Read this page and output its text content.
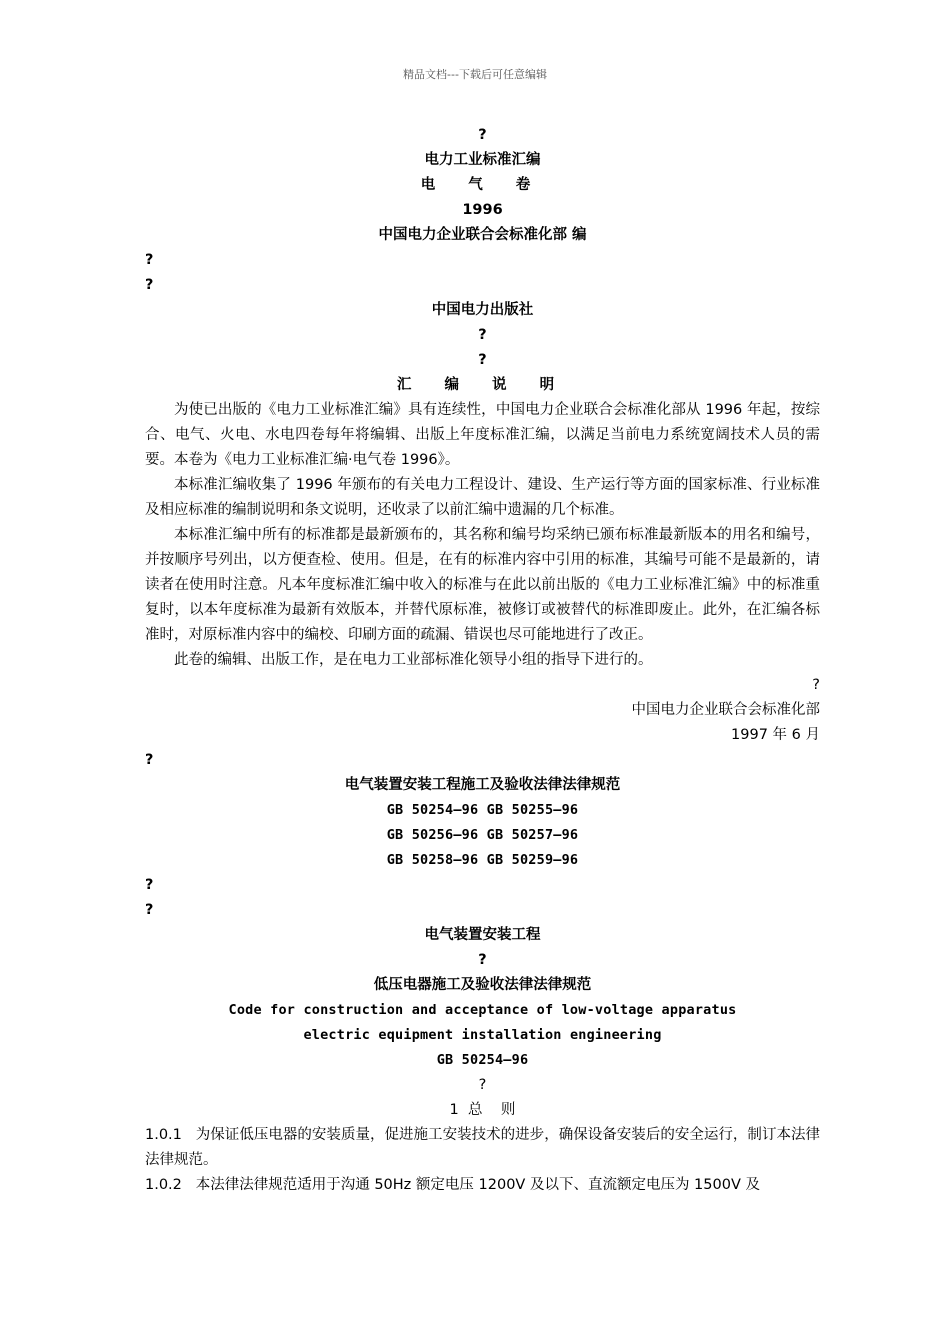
精品文档---下载后可任意编辑
?
电力工业标准汇编
电 气 卷
1996
中国电力企业联合会标准化部 编
?
?
中国电力出版社
?
?
汇 编 说 明
为使已出版的《电力工业标准汇编》具有连续性，中国电力企业联合会标准化部从 1996 年起，按综合、电气、火电、水电四卷每年将编辑、出版上年度标准汇编，以满足当前电力系统宽阔技术人员的需要。本卷为《电力工业标准汇编·电气卷 1996》。
本标准汇编收集了 1996 年颁布的有关电力工程设计、建设、生产运行等方面的国家标准、行业标准及相应标准的编制说明和条文说明，还收录了以前汇编中遗漏的几个标准。
本标准汇编中所有的标准都是最新颁布的，其名称和编号均采纳已颁布标准最新版本的用名和编号，并按顺序号列出，以方便查检、使用。但是，在有的标准内容中引用的标准，其编号可能不是最新的，请读者在使用时注意。凡本年度标准汇编中收入的标准与在此以前出版的《电力工业标准汇编》中的标准重复时，以本年度标准为最新有效版本，并替代原标准，被修订或被替代的标准即废止。此外，在汇编各标准时，对原标准内容中的编校、印刷方面的疏漏、错误也尽可能地进行了改正。
此卷的编辑、出版工作，是在电力工业部标准化领导小组的指导下进行的。
?
中国电力企业联合会标准化部
1997 年 6 月
?
电气装置安装工程施工及验收法律法律规范
GB 50254—96 GB 50255—96
GB 50256—96 GB 50257—96
GB 50258—96 GB 50259—96
?
?
电气装置安装工程
?
低压电器施工及验收法律法律规范
Code for construction and acceptance of low-voltage apparatus
electric equipment installation engineering
GB 50254—96
?
1  总    则
1.0.1   为保证低压电器的安装质量，促进施工安装技术的进步，确保设备安装后的安全运行，制订本法律法律规范。
1.0.2   本法律法律规范适用于沟通 50Hz 额定电压 1200V 及以下、直流额定电压为 1500V 及
